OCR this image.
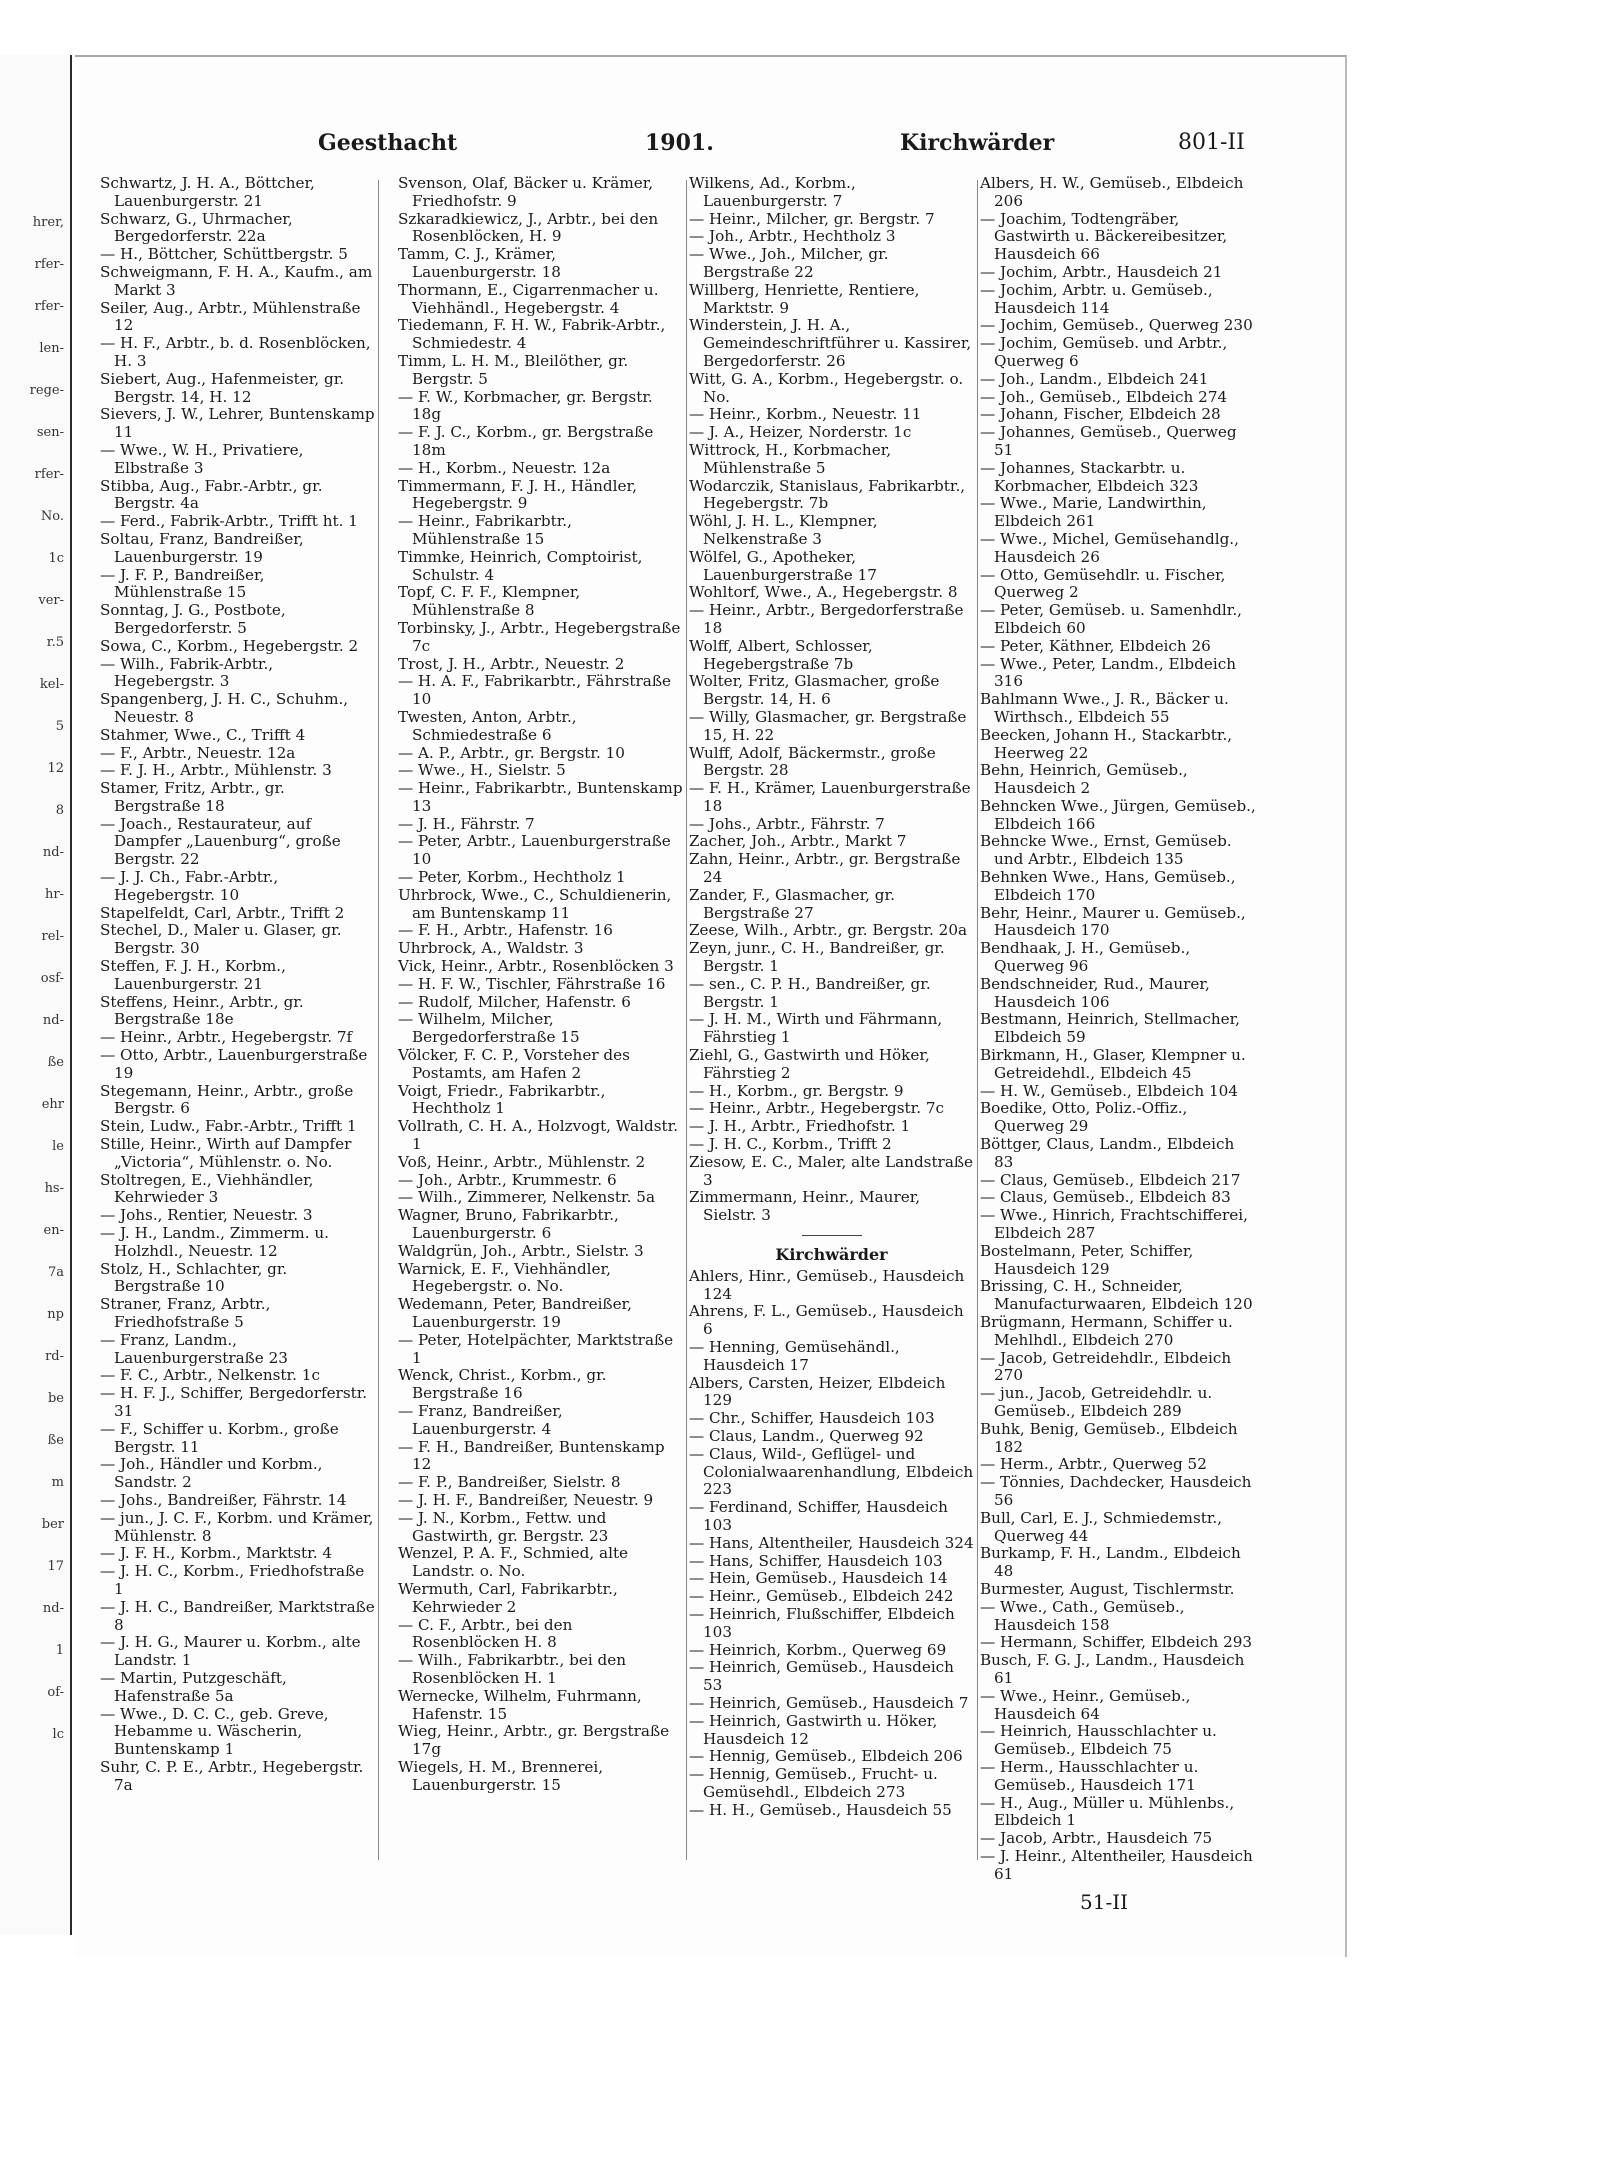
hrer,
rfer-
rfer-
len-
rege-
sen-
rfer-
No.
1c
ver-
r.5
kel-
5
12
8
nd-
hr-
rel-
osf-
nd-
ße
ehr
le
hs-
en-
7a
np
rd-
be
ße
m
ber
17
nd-
1
of-
lc
Geesthacht	1901.	Kirchwärder	801-II
Schwartz, J. H. A., Böttcher, Lauenburgerstr. 21
Schwarz, G., Uhrmacher, Bergedorferstr. 22a
— H., Böttcher, Schüttbergstr. 5
Schweigmann, F. H. A., Kaufm., am Markt 3
Seiler, Aug., Arbtr., Mühlenstraße 12
— H. F., Arbtr., b. d. Rosenblöcken, H. 3
Siebert, Aug., Hafenmeister, gr. Bergstr. 14, H. 12
Sievers, J. W., Lehrer, Buntenskamp 11
— Wwe., W. H., Privatiere, Elbstraße 3
Stibba, Aug., Fabr.-Arbtr., gr. Bergstr. 4a
— Ferd., Fabrik-Arbtr., Trifft ht. 1
Soltau, Franz, Bandreißer, Lauenburgerstr. 19
— J. F. P., Bandreißer, Mühlenstraße 15
Sonntag, J. G., Postbote, Bergedorferstr. 5
Sowa, C., Korbm., Hegebergstr. 2
— Wilh., Fabrik-Arbtr., Hegebergstr. 3
Spangenberg, J. H. C., Schuhm., Neuestr. 8
Stahmer, Wwe., C., Trifft 4
— F., Arbtr., Neuestr. 12a
— F. J. H., Arbtr., Mühlenstr. 3
Stamer, Fritz, Arbtr., gr. Bergstraße 18
— Joach., Restaurateur, auf Dampfer „Lauenburg“, große Bergstr. 22
— J. J. Ch., Fabr.-Arbtr., Hegebergstr. 10
Stapelfeldt, Carl, Arbtr., Trifft 2
Stechel, D., Maler u. Glaser, gr. Bergstr. 30
Steffen, F. J. H., Korbm., Lauenburgerstr. 21
Steffens, Heinr., Arbtr., gr. Bergstraße 18e
— Heinr., Arbtr., Hegebergstr. 7f
— Otto, Arbtr., Lauenburgerstraße 19
Stegemann, Heinr., Arbtr., große Bergstr. 6
Stein, Ludw., Fabr.-Arbtr., Trifft 1
Stille, Heinr., Wirth auf Dampfer „Victoria“, Mühlenstr. o. No.
Stoltregen, E., Viehhändler, Kehrwieder 3
— Johs., Rentier, Neuestr. 3
— J. H., Landm., Zimmerm. u. Holzhdl., Neuestr. 12
Stolz, H., Schlachter, gr. Bergstraße 10
Straner, Franz, Arbtr., Friedhofstraße 5
— Franz, Landm., Lauenburgerstraße 23
— F. C., Arbtr., Nelkenstr. 1c
— H. F. J., Schiffer, Bergedorferstr. 31
— F., Schiffer u. Korbm., große Bergstr. 11
— Joh., Händler und Korbm., Sandstr. 2
— Johs., Bandreißer, Fährstr. 14
— jun., J. C. F., Korbm. und Krämer, Mühlenstr. 8
— J. F. H., Korbm., Marktstr. 4
— J. H. C., Korbm., Friedhofstraße 1
— J. H. C., Bandreißer, Marktstraße 8
— J. H. G., Maurer u. Korbm., alte Landstr. 1
— Martin, Putzgeschäft, Hafenstraße 5a
— Wwe., D. C. C., geb. Greve, Hebamme u. Wäscherin, Buntenskamp 1
Suhr, C. P. E., Arbtr., Hegebergstr. 7a
Svenson, Olaf, Bäcker u. Krämer, Friedhofstr. 9
Szkaradkiewicz, J., Arbtr., bei den Rosenblöcken, H. 9
Tamm, C. J., Krämer, Lauenburgerstr. 18
Thormann, E., Cigarrenmacher u. Viehhändl., Hegebergstr. 4
Tiedemann, F. H. W., Fabrik-Arbtr., Schmiedestr. 4
Timm, L. H. M., Bleilöther, gr. Bergstr. 5
— F. W., Korbmacher, gr. Bergstr. 18g
— F. J. C., Korbm., gr. Bergstraße 18m
— H., Korbm., Neuestr. 12a
Timmermann, F. J. H., Händler, Hegebergstr. 9
— Heinr., Fabrikarbtr., Mühlenstraße 15
Timmke, Heinrich, Comptoirist, Schulstr. 4
Topf, C. F. F., Klempner, Mühlenstraße 8
Torbinsky, J., Arbtr., Hegebergstraße 7c
Trost, J. H., Arbtr., Neuestr. 2
— H. A. F., Fabrikarbtr., Fährstraße 10
Twesten, Anton, Arbtr., Schmiedestraße 6
— A. P., Arbtr., gr. Bergstr. 10
— Wwe., H., Sielstr. 5
— Heinr., Fabrikarbtr., Buntenskamp 13
— J. H., Fährstr. 7
— Peter, Arbtr., Lauenburgerstraße 10
— Peter, Korbm., Hechtholz 1
Uhrbrock, Wwe., C., Schuldienerin, am Buntenskamp 11
— F. H., Arbtr., Hafenstr. 16
Uhrbrock, A., Waldstr. 3
Vick, Heinr., Arbtr., Rosenblöcken 3
— H. F. W., Tischler, Fährstraße 16
— Rudolf, Milcher, Hafenstr. 6
— Wilhelm, Milcher, Bergedorferstraße 15
Völcker, F. C. P., Vorsteher des Postamts, am Hafen 2
Voigt, Friedr., Fabrikarbtr., Hechtholz 1
Vollrath, C. H. A., Holzvogt, Waldstr. 1
Voß, Heinr., Arbtr., Mühlenstr. 2
— Joh., Arbtr., Krummestr. 6
— Wilh., Zimmerer, Nelkenstr. 5a
Wagner, Bruno, Fabrikarbtr., Lauenburgerstr. 6
Waldgrün, Joh., Arbtr., Sielstr. 3
Warnick, E. F., Viehhändler, Hegebergstr. o. No.
Wedemann, Peter, Bandreißer, Lauenburgerstr. 19
— Peter, Hotelpächter, Marktstraße 1
Wenck, Christ., Korbm., gr. Bergstraße 16
— Franz, Bandreißer, Lauenburgerstr. 4
— F. H., Bandreißer, Buntenskamp 12
— F. P., Bandreißer, Sielstr. 8
— J. H. F., Bandreißer, Neuestr. 9
— J. N., Korbm., Fettw. und Gastwirth, gr. Bergstr. 23
Wenzel, P. A. F., Schmied, alte Landstr. o. No.
Wermuth, Carl, Fabrikarbtr., Kehrwieder 2
— C. F., Arbtr., bei den Rosenblöcken H. 8
— Wilh., Fabrikarbtr., bei den Rosenblöcken H. 1
Wernecke, Wilhelm, Fuhrmann, Hafenstr. 15
Wieg, Heinr., Arbtr., gr. Bergstraße 17g
Wiegels, H. M., Brennerei, Lauenburgerstr. 15
Wilkens, Ad., Korbm., Lauenburgerstr. 7
— Heinr., Milcher, gr. Bergstr. 7
— Joh., Arbtr., Hechtholz 3
— Wwe., Joh., Milcher, gr. Bergstraße 22
Willberg, Henriette, Rentiere, Marktstr. 9
Winderstein, J. H. A., Gemeindeschriftführer u. Kassirer, Bergedorferstr. 26
Witt, G. A., Korbm., Hegebergstr. o. No.
— Heinr., Korbm., Neuestr. 11
— J. A., Heizer, Norderstr. 1c
Wittrock, H., Korbmacher, Mühlenstraße 5
Wodarczik, Stanislaus, Fabrikarbtr., Hegebergstr. 7b
Wöhl, J. H. L., Klempner, Nelkenstraße 3
Wölfel, G., Apotheker, Lauenburgerstraße 17
Wohltorf, Wwe., A., Hegebergstr. 8
— Heinr., Arbtr., Bergedorferstraße 18
Wolff, Albert, Schlosser, Hegebergstraße 7b
Wolter, Fritz, Glasmacher, große Bergstr. 14, H. 6
— Willy, Glasmacher, gr. Bergstraße 15, H. 22
Wulff, Adolf, Bäckermstr., große Bergstr. 28
— F. H., Krämer, Lauenburgerstraße 18
— Johs., Arbtr., Fährstr. 7
Zacher, Joh., Arbtr., Markt 7
Zahn, Heinr., Arbtr., gr. Bergstraße 24
Zander, F., Glasmacher, gr. Bergstraße 27
Zeese, Wilh., Arbtr., gr. Bergstr. 20a
Zeyn, junr., C. H., Bandreißer, gr. Bergstr. 1
— sen., C. P. H., Bandreißer, gr. Bergstr. 1
— J. H. M., Wirth und Fährmann, Fährstieg 1
Ziehl, G., Gastwirth und Höker, Fährstieg 2
— H., Korbm., gr. Bergstr. 9
— Heinr., Arbtr., Hegebergstr. 7c
— J. H., Arbtr., Friedhofstr. 1
— J. H. C., Korbm., Trifft 2
Ziesow, E. C., Maler, alte Landstraße 3
Zimmermann, Heinr., Maurer, Sielstr. 3
Kirchwärder
Ahlers, Hinr., Gemüseb., Hausdeich 124
Ahrens, F. L., Gemüseb., Hausdeich 6
— Henning, Gemüsehändl., Hausdeich 17
Albers, Carsten, Heizer, Elbdeich 129
— Chr., Schiffer, Hausdeich 103
— Claus, Landm., Querweg 92
— Claus, Wild-, Geflügel- und Colonialwaarenhandlung, Elbdeich 223
— Ferdinand, Schiffer, Hausdeich 103
— Hans, Altentheiler, Hausdeich 324
— Hans, Schiffer, Hausdeich 103
— Hein, Gemüseb., Hausdeich 14
— Heinr., Gemüseb., Elbdeich 242
— Heinrich, Flußschiffer, Elbdeich 103
— Heinrich, Korbm., Querweg 69
— Heinrich, Gemüseb., Hausdeich 53
— Heinrich, Gemüseb., Hausdeich 7
— Heinrich, Gastwirth u. Höker, Hausdeich 12
— Hennig, Gemüseb., Elbdeich 206
— Hennig, Gemüseb., Frucht- u. Gemüsehdl., Elbdeich 273
— H. H., Gemüseb., Hausdeich 55
Albers, H. W., Gemüseb., Elbdeich 206
— Joachim, Todtengräber, Gastwirth u. Bäckereibesitzer, Hausdeich 66
— Jochim, Arbtr., Hausdeich 21
— Jochim, Arbtr. u. Gemüseb., Hausdeich 114
— Jochim, Gemüseb., Querweg 230
— Jochim, Gemüseb. und Arbtr., Querweg 6
— Joh., Landm., Elbdeich 241
— Joh., Gemüseb., Elbdeich 274
— Johann, Fischer, Elbdeich 28
— Johannes, Gemüseb., Querweg 51
— Johannes, Stackarbtr. u. Korbmacher, Elbdeich 323
— Wwe., Marie, Landwirthin, Elbdeich 261
— Wwe., Michel, Gemüsehandlg., Hausdeich 26
— Otto, Gemüsehdlr. u. Fischer, Querweg 2
— Peter, Gemüseb. u. Samenhdlr., Elbdeich 60
— Peter, Käthner, Elbdeich 26
— Wwe., Peter, Landm., Elbdeich 316
Bahlmann Wwe., J. R., Bäcker u. Wirthsch., Elbdeich 55
Beecken, Johann H., Stackarbtr., Heerweg 22
Behn, Heinrich, Gemüseb., Hausdeich 2
Behncken Wwe., Jürgen, Gemüseb., Elbdeich 166
Behncke Wwe., Ernst, Gemüseb. und Arbtr., Elbdeich 135
Behnken Wwe., Hans, Gemüseb., Elbdeich 170
Behr, Heinr., Maurer u. Gemüseb., Hausdeich 170
Bendhaak, J. H., Gemüseb., Querweg 96
Bendschneider, Rud., Maurer, Hausdeich 106
Bestmann, Heinrich, Stellmacher, Elbdeich 59
Birkmann, H., Glaser, Klempner u. Getreidehdl., Elbdeich 45
— H. W., Gemüseb., Elbdeich 104
Boedike, Otto, Poliz.-Offiz., Querweg 29
Böttger, Claus, Landm., Elbdeich 83
— Claus, Gemüseb., Elbdeich 217
— Claus, Gemüseb., Elbdeich 83
— Wwe., Hinrich, Frachtschifferei, Elbdeich 287
Bostelmann, Peter, Schiffer, Hausdeich 129
Brissing, C. H., Schneider, Manufacturwaaren, Elbdeich 120
Brügmann, Hermann, Schiffer u. Mehlhdl., Elbdeich 270
— Jacob, Getreidehdlr., Elbdeich 270
— jun., Jacob, Getreidehdlr. u. Gemüseb., Elbdeich 289
Buhk, Benig, Gemüseb., Elbdeich 182
— Herm., Arbtr., Querweg 52
— Tönnies, Dachdecker, Hausdeich 56
Bull, Carl, E. J., Schmiedemstr., Querweg 44
Burkamp, F. H., Landm., Elbdeich 48
Burmester, August, Tischlermstr.
— Wwe., Cath., Gemüseb., Hausdeich 158
— Hermann, Schiffer, Elbdeich 293
Busch, F. G. J., Landm., Hausdeich 61
— Wwe., Heinr., Gemüseb., Hausdeich 64
— Heinrich, Hausschlachter u. Gemüseb., Elbdeich 75
— Herm., Hausschlachter u. Gemüseb., Hausdeich 171
— H., Aug., Müller u. Mühlenbs., Elbdeich 1
— Jacob, Arbtr., Hausdeich 75
— J. Heinr., Altentheiler, Hausdeich 61
51-II
